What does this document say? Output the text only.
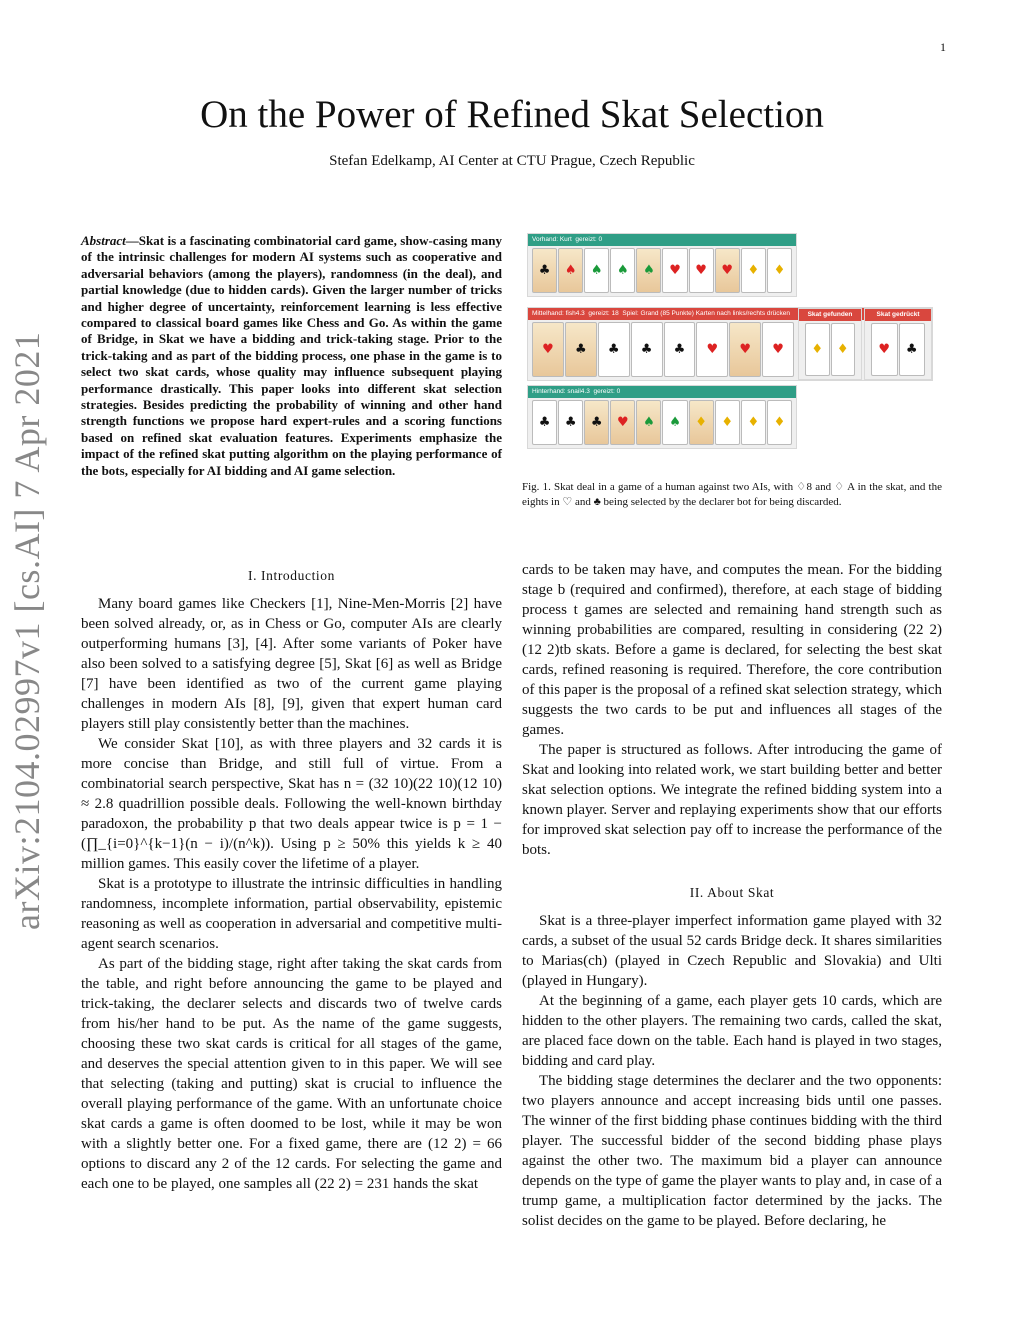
1
On the Power of Refined Skat Selection
Stefan Edelkamp, AI Center at CTU Prague, Czech Republic
arXiv:2104.02997v1 [cs.AI] 7 Apr 2021
Abstract—Skat is a fascinating combinatorial card game, show-casing many of the intrinsic challenges for modern AI systems such as cooperative and adversarial behaviors (among the players), randomness (in the deal), and partial knowledge (due to hidden cards). Given the larger number of tricks and higher degree of uncertainty, reinforcement learning is less effective compared to classical board games like Chess and Go. As within the game of Bridge, in Skat we have a bidding and trick-taking stage. Prior to the trick-taking and as part of the bidding process, one phase in the game is to select two skat cards, whose quality may influence subsequent playing performance drastically. This paper looks into different skat selection strategies. Besides predicting the probability of winning and other hand strength functions we propose hard expert-rules and a scoring functions based on refined skat evaluation features. Experiments emphasize the impact of the refined skat putting algorithm on the playing performance of the bots, especially for AI bidding and AI game selection.
Vorhand: Kurt gereizt: 0
♣	♠	♠	♠	♠	♥	♥	♥	♦	♦
Mittelhand: fish4.3 gereizt: 18 Spiel: Grand (85 Punkte) Karten nach links/rechts drücken
♥	♣	♣	♣	♣	♥	♥	♥
Skat gefunden
♦	♦
Skat gedrückt
♥	♣
Hinterhand: snail4.3 gereizt: 0
♣	♣	♣	♥	♠	♠	♦	♦	♦	♦
Fig. 1. Skat deal in a game of a human against two AIs, with ♢8 and ♢ A in the skat, and the eights in ♡ and ♣ being selected by the declarer bot for being discarded.
I. Introduction

Many board games like Checkers [1], Nine-Men-Morris [2] have been solved already, or, as in Chess or Go, computer AIs are clearly outperforming humans [3], [4]. After some variants of Poker have also been solved to a satisfying degree [5], Skat [6] as well as Bridge [7] have been identified as two of the current game playing challenges in modern AIs [8], [9], given that expert human card players still play consistently better than the machines.

We consider Skat [10], as with three players and 32 cards it is more concise than Bridge, and still full of virtue. From a combinatorial search perspective, Skat has n = (32 10)(22 10)(12 10) ≈ 2.8 quadrillion possible deals. Following the well-known birthday paradoxon, the probability p that two deals appear twice is p = 1 − (∏_{i=0}^{k−1}(n − i)/(n^k)). Using p ≥ 50% this yields k ≥ 40 million games. This easily cover the lifetime of a player.

Skat is a prototype to illustrate the intrinsic difficulties in handling randomness, incomplete information, partial observability, epistemic reasoning as well as cooperation in adversarial and competitive multi-agent search scenarios.

As part of the bidding stage, right after taking the skat cards from the table, and right before announcing the game to be played and trick-taking, the declarer selects and discards two of twelve cards from his/her hand to be put. As the name of the game suggests, choosing these two skat cards is critical for all stages of the game, and deserves the special attention given to in this paper. We will see that selecting (taking and putting) skat is crucial to influence the overall playing performance of the game. With an unfortunate choice skat cards a game is often doomed to be lost, while it may be won with a slightly better one. For a fixed game, there are (12 2) = 66 options to discard any 2 of the 12 cards. For selecting the game and each one to be played, one samples all (22 2) = 231 hands the skat

cards to be taken may have, and computes the mean. For the bidding stage b (required and confirmed), therefore, at each stage of bidding process t games are selected and remaining hand strength such as winning probabilities are compared, resulting in considering (22 2)(12 2)tb skats. Before a game is declared, for selecting the best skat cards, refined reasoning is required. Therefore, the core contribution of this paper is the proposal of a refined skat selection strategy, which suggests the two cards to be put and influences all stages of the games.

The paper is structured as follows. After introducing the game of Skat and looking into related work, we start building better and better skat selection options. We integrate the refined bidding system into a known player. Server and replaying experiments show that our efforts for improved skat selection pay off to increase the performance of the bots.

II. About Skat

Skat is a three-player imperfect information game played with 32 cards, a subset of the usual 52 cards Bridge deck. It shares similarities to Marias(ch) (played in Czech Republic and Slovakia) and Ulti (played in Hungary).

At the beginning of a game, each player gets 10 cards, which are hidden to the other players. The remaining two cards, called the skat, are placed face down on the table. Each hand is played in two stages, bidding and card play.

The bidding stage determines the declarer and the two opponents: two players announce and accept increasing bids until one passes. The winner of the first bidding phase continues bidding with the third player. The successful bidder of the second bidding phase plays against the other two. The maximum bid a player can announce depends on the type of game the player wants to play and, in case of a trump game, a multiplication factor determined by the jacks. The solist decides on the game to be played. Before declaring, he
